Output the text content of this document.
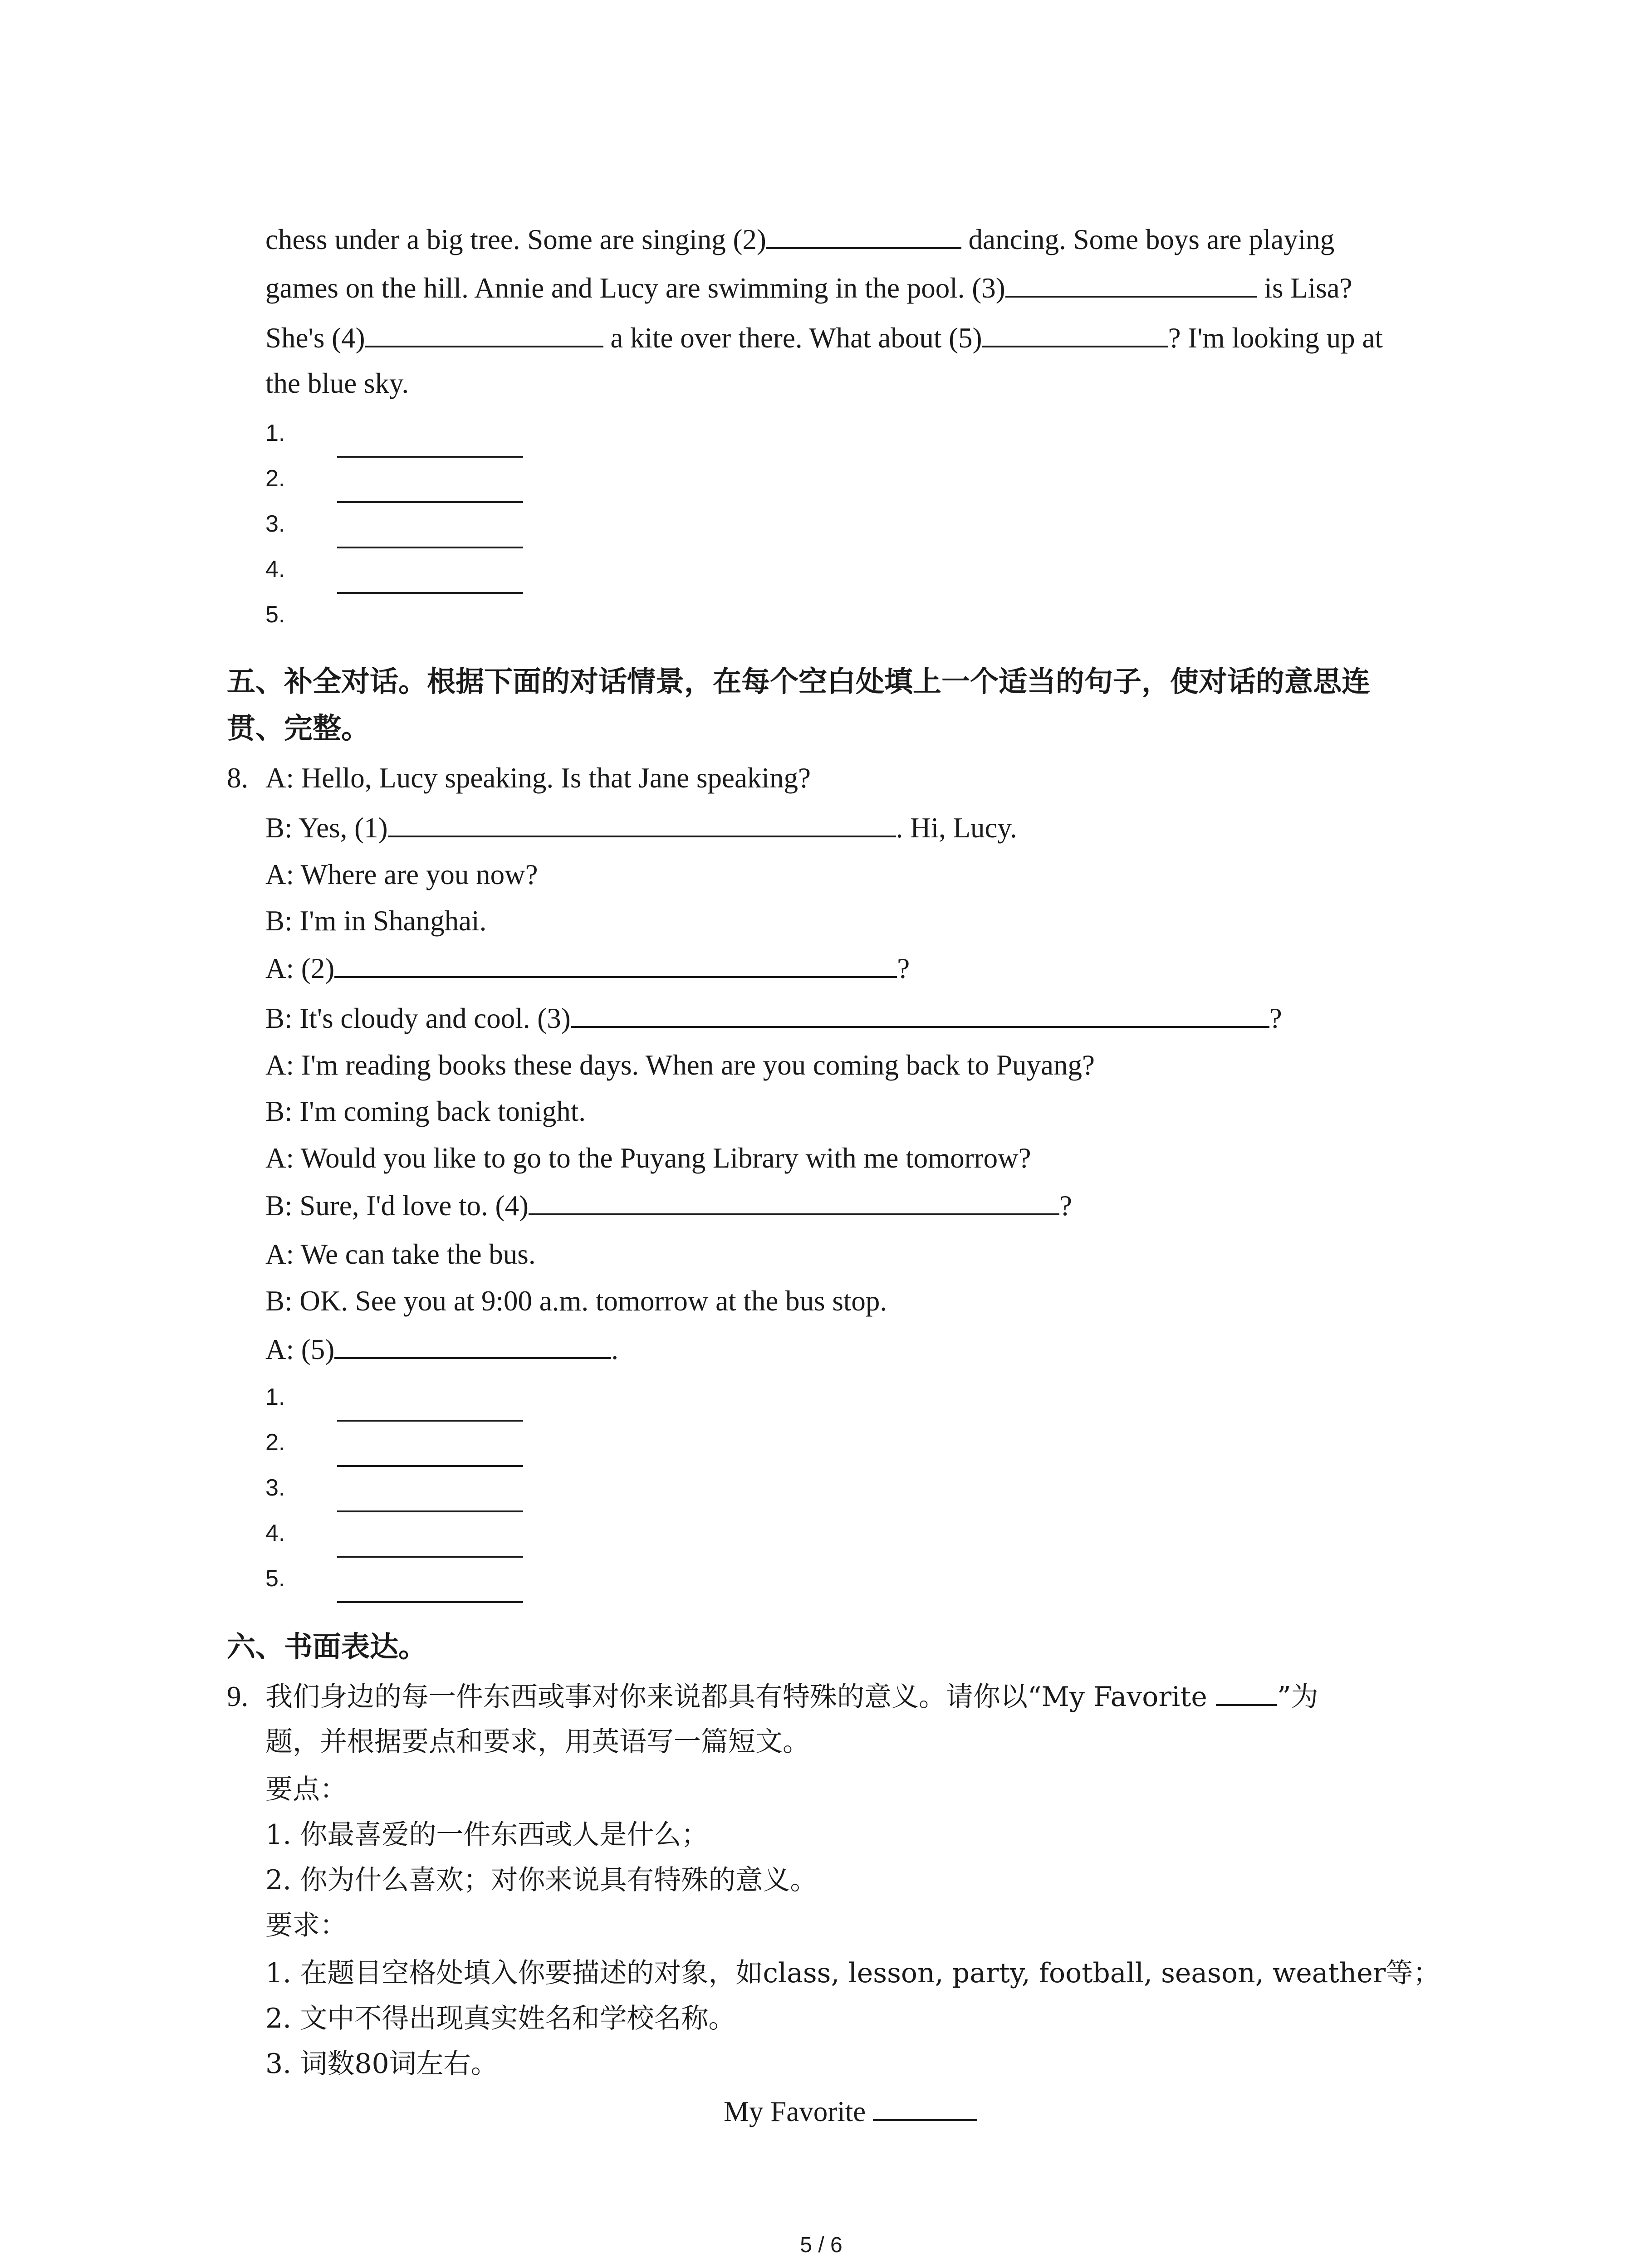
chess under a big tree. Some are singing (2)	dancing. Some boys are playing
games on the hill. Annie and Lucy are swimming in the pool. (3)	is Lisa?
She's (4)	a kite over there. What about (5)	? I'm looking up at
the blue sky.
1.
2.
3.
4.
5.
五、补全对话。根据下面的对话情景，在每个空白处填上一个适当的句子，使对话的意思连
贯、完整。
8. A: Hello, Lucy speaking. Is that Jane speaking?
B: Yes, (1)	. Hi, Lucy.
A: Where are you now?
B: I'm in Shanghai.
A: (2)	?
B: It's cloudy and cool. (3)	?
A: I'm reading books these days. When are you coming back to Puyang?
B: I'm coming back tonight.
A: Would you like to go to the Puyang Library with me tomorrow?
B: Sure, I'd love to. (4)	?
A: We can take the bus.
B: OK. See you at 9:00 a.m. tomorrow at the bus stop.
A: (5)	.
1.
2.
3.
4.
5.
六、书面表达。
9. 我们身边的每一件东西或事对你来说都具有特殊的意义。请你以“My Favorite ”为
题，并根据要点和要求，用英语写一篇短文。
要点：
1. 你最喜爱的一件东西或人是什么；
2. 你为什么喜欢；对你来说具有特殊的意义。
要求：
1. 在题目空格处填入你要描述的对象，如class, lesson, party, football, season, weather等；
2. 文中不得出现真实姓名和学校名称。
3. 词数80词左右。
My Favorite
5 / 6
